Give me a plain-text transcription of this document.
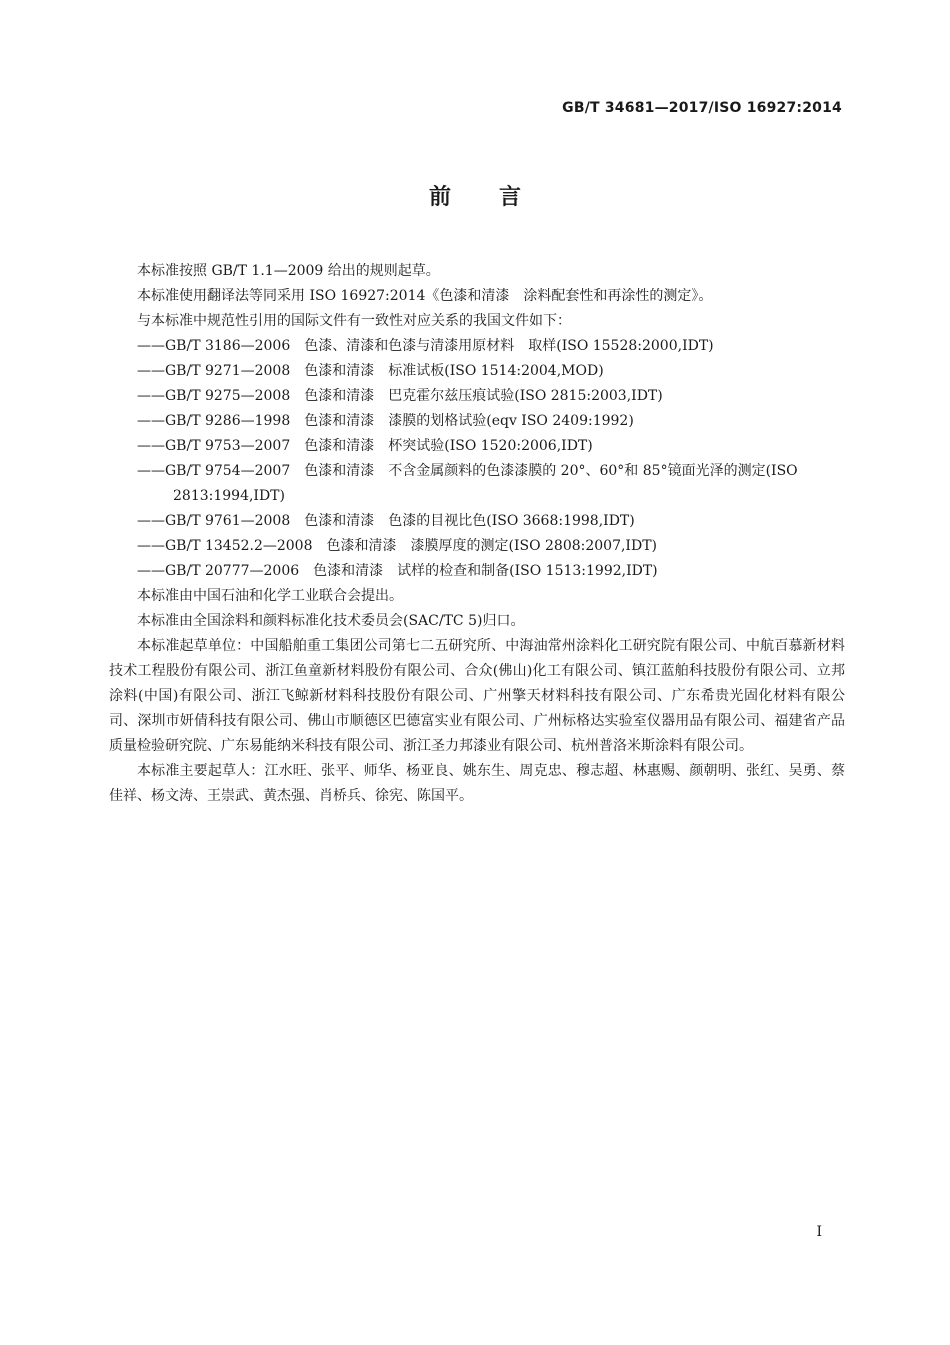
GB/T 34681—2017/ISO 16927:2014
前言

本标准按照 GB/T 1.1—2009 给出的规则起草。

本标准使用翻译法等同采用 ISO 16927:2014《色漆和清漆　涂料配套性和再涂性的测定》。

与本标准中规范性引用的国际文件有一致性对应关系的我国文件如下：

——GB/T 3186—2006 色漆、清漆和色漆与清漆用原材料　取样(ISO 15528:2000,IDT)
——GB/T 9271—2008 色漆和清漆　标准试板(ISO 1514:2004,MOD)
——GB/T 9275—2008 色漆和清漆　巴克霍尔兹压痕试验(ISO 2815:2003,IDT)
——GB/T 9286—1998 色漆和清漆　漆膜的划格试验(eqv ISO 2409:1992)
——GB/T 9753—2007 色漆和清漆　杯突试验(ISO 1520:2006,IDT)
——GB/T 9754—2007 色漆和清漆　不含金属颜料的色漆漆膜的 20°、60°和 85°镜面光泽的测定(ISO 2813:1994,IDT)
——GB/T 9761—2008 色漆和清漆　色漆的目视比色(ISO 3668:1998,IDT)
——GB/T 13452.2—2008 色漆和清漆　漆膜厚度的测定(ISO 2808:2007,IDT)
——GB/T 20777—2006 色漆和清漆　试样的检查和制备(ISO 1513:1992,IDT)

本标准由中国石油和化学工业联合会提出。

本标准由全国涂料和颜料标准化技术委员会(SAC/TC 5)归口。

本标准起草单位：中国船舶重工集团公司第七二五研究所、中海油常州涂料化工研究院有限公司、中航百慕新材料技术工程股份有限公司、浙江鱼童新材料股份有限公司、合众(佛山)化工有限公司、镇江蓝舶科技股份有限公司、立邦涂料(中国)有限公司、浙江飞鲸新材料科技股份有限公司、广州擎天材料科技有限公司、广东希贵光固化材料有限公司、深圳市妍倩科技有限公司、佛山市顺德区巴德富实业有限公司、广州标格达实验室仪器用品有限公司、福建省产品质量检验研究院、广东易能纳米科技有限公司、浙江圣力邦漆业有限公司、杭州普洛米斯涂料有限公司。

本标准主要起草人：江水旺、张平、师华、杨亚良、姚东生、周克忠、穆志超、林惠赐、颜朝明、张红、吴勇、蔡佳祥、杨文涛、王崇武、黄杰强、肖桥兵、徐宪、陈国平。

I
